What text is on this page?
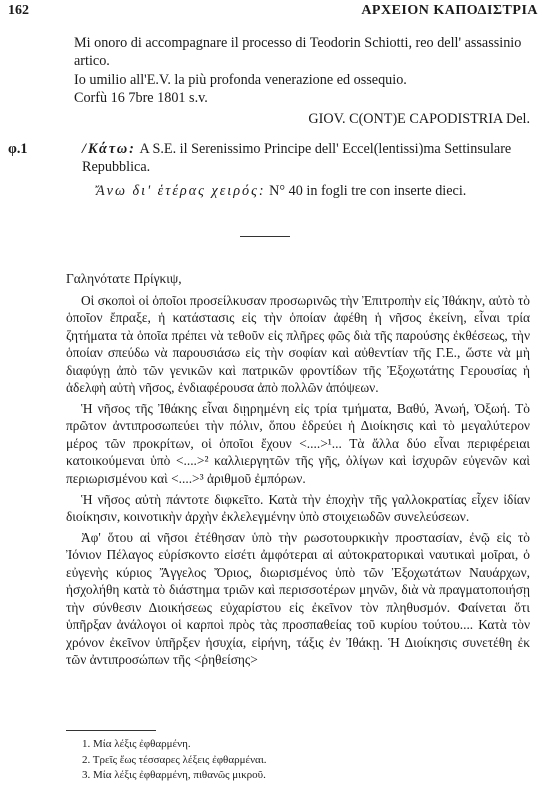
162	ΑΡΧΕΙΟΝ ΚΑΠΟΔΙΣΤΡΙΑ

Mi onoro di accompagnare il processo di Teodorin Schiotti, reo dell' assassinio artico.

Io umilio all'E.V. la più profonda venerazione ed ossequio.

Corfù 16 7bre 1801 s.v.

GIOV. C(ONT)E CAPODISTRIA Del.

φ.1	/Κάτω: A S.E. il Serenissimo Principe dell' Eccel(lentissi)ma Settinsulare Repubblica.

Ἄνω δι' ἑτέρας χειρός: N° 40 in fogli tre con inserte dieci.

Γαληνότατε Πρίγκιψ,

Οἱ σκοποὶ οἱ ὁποῖοι προσείλκυσαν προσωρινῶς τὴν Ἐπιτροπὴν εἰς Ἰθάκην, αὐτὸ τὸ ὁποῖον ἔπραξε, ἡ κατάστασις εἰς τὴν ὁποίαν ἀφέθη ἡ νῆσος ἐκείνη, εἶναι τρία ζητήματα τὰ ὁποῖα πρέπει νὰ τεθοῦν εἰς πλῆρες φῶς διὰ τῆς παρούσης ἐκθέσεως, τὴν ὁποίαν σπεύδω νὰ παρουσιάσω εἰς τὴν σοφίαν καὶ αὐθεντίαν τῆς Γ.Ε., ὥστε νὰ μὴ διαφύγῃ ἀπὸ τῶν γενικῶν καὶ πατρικῶν φροντίδων τῆς Ἐξοχωτάτης Γερουσίας ἡ ἀδελφὴ αὐτὴ νῆσος, ἐνδιαφέρουσα ἀπὸ πολλῶν ἀπόψεων.

Ἡ νῆσος τῆς Ἰθάκης εἶναι διῃρημένη εἰς τρία τμήματα, Βαθύ, Ἀνωή, Ὀξωή. Τὸ πρῶτον ἀντιπροσωπεύει τὴν πόλιν, ὅπου ἑδρεύει ἡ Διοίκησις καὶ τὸ μεγαλύτερον μέρος τῶν προκρίτων, οἱ ὁποῖοι ἔχουν <....>¹... Τὰ ἄλλα δύο εἶναι περιφέρειαι κατοικούμεναι ὑπὸ <....>² καλλιεργητῶν τῆς γῆς, ὀλίγων καὶ ἰσχυρῶν εὐγενῶν καὶ περιωρισμένου καὶ <....>³ ἀριθμοῦ ἐμπόρων.

Ἡ νῆσος αὐτὴ πάντοτε διφκεῖτο. Κατὰ τὴν ἐποχὴν τῆς γαλλοκρατίας εἶχεν ἰδίαν διοίκησιν, κοινοτικὴν ἀρχὴν ἐκλελεγμένην ὑπὸ στοιχειωδῶν συνελεύσεων.

Ἀφ' ὅτου αἱ νῆσοι ἐτέθησαν ὑπὸ τὴν ρωσοτουρκικὴν προστασίαν, ἐνῷ εἰς τὸ Ἰόνιον Πέλαγος εὑρίσκοντο εἰσέτι ἀμφότεραι αἱ αὐτοκρατορικαὶ ναυτικαὶ μοῖραι, ὁ εὐγενὴς κύριος Ἄγγελος Ὄριος, διωρισμένος ὑπὸ τῶν Ἐξοχωτάτων Ναυάρχων, ἠσχολήθη κατὰ τὸ διάστημα τριῶν καὶ περισσοτέρων μηνῶν, διὰ νὰ πραγματοποιήσῃ τὴν σύνθεσιν Διοικήσεως εὐχαρίστου εἰς ἐκεῖνον τὸν πληθυσμόν. Φαίνεται ὅτι ὑπῆρξαν ἀνάλογοι οἱ καρποὶ πρὸς τὰς προσπαθείας τοῦ κυρίου τούτου.... Κατὰ τὸν χρόνον ἐκεῖνον ὑπῆρξεν ἡσυχία, εἰρήνη, τάξις ἐν Ἰθάκῃ. Ἡ Διοίκησις συνετέθη ἐκ τῶν ἀντιπροσώπων τῆς <ῥηθείσης>

1. Μία λέξις ἐφθαρμένη.
2. Τρεῖς ἕως τέσσαρες λέξεις ἐφθαρμέναι.
3. Μία λέξις ἐφθαρμένη, πιθανῶς μικροῦ.
